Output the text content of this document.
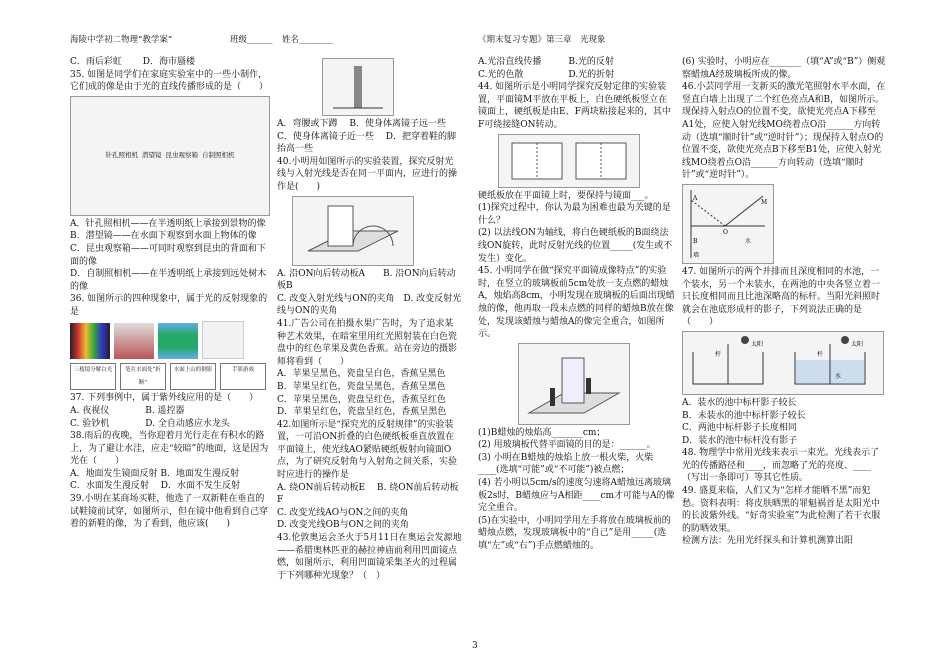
海陵中学初二物理“教学案”	班级______ 姓名________	《期末复习专题》第三章　光现象

C．雨后彩虹　　 D．海市蜃楼

35. 如图是同学们在家庭实验室中的一些小制作，它们成的像是由于光的直线传播形成的是（　　）

针孔照相机 潜望镜 昆虫观察箱 自制照相机

A．针孔照相机——在半透明纸上承接到景物的像

B．潜望镜——在水面下观察到水面上物体的像

C．昆虫观察箱——可同时观察到昆虫的背面和下面的像

D．自制照相机——在半透明纸上承接到远处树木的像

36. 如图所示的四种现象中，属于光的反射现象的是

三棱镜分解白光	笔在水面处“折断”
水面上山的倒影	手影游戏

37. 下列事例中，属于紫外线应用的是（　　）

A. 夜视仪　　　　B. 遥控器

C. 验钞机　　　　D. 全自动感应水龙头

38.雨后的夜晚，当你迎着月光行走在有积水的路上，为了避让水洼，应走“较暗”的地面，这是因为光在（　　）

A．地面发生镜面反射 B．地面发生漫反射

C．水面发生漫反射　 D．水面不发生反射

39.小明在某商场买鞋，他选了一双新鞋在垂直的

试鞋镜前试穿，如图所示，但在镜中他看到自己穿着的新鞋的像，为了看到，他应该(　　)

A．弯腰或下蹲　 B．使身体离镜子远一些

C．使身体离镜子近一些　 D．把穿着鞋的脚抬高一些

40.小明用如图所示的实验装置，探究反射光线与入射光线是否在同一平面内，应进行的操作是(　　)

A. 沿ON向后转动板A　　B. 沿ON向后转动板B

C. 改变入射光线与ON的夹角　D. 改变反射光线与ON的夹角

41.广告公司在拍摄水果广告时，为了追求某种艺术效果，在暗室里用红光照射装在白色瓷盘中的红色苹果及黄色香蕉。站在旁边的摄影师将看到（　　）

A．苹果呈黑色，瓷盘呈白色，香蕉呈黑色

B．苹果呈红色，瓷盘呈黑色，香蕉呈黑色

C．苹果呈黑色，瓷盘呈红色，香蕉呈红色

D．苹果呈红色，瓷盘呈红色，香蕉呈黑色

42.如图所示是“探究光的反射规律”的实验装置，一可沿ON折叠的白色硬纸板垂直放置在平面镜上，使光线AO紧贴硬纸板射向镜面O点，为了研究反射角与入射角之间关系，实验时应进行的操作是

A. 绕ON前后转动板E　 B. 绕ON前后转动板F

C. 改变光线AO与ON之间的夹角

D. 改变光线OB与ON之间的夹角

43.伦敦奥运会圣火于5月11日在奥运会发源地——希腊奥林匹亚的赫拉神庙前利用凹面镜点燃，如图所示，利用凹面镜采集圣火的过程属于下列哪种光现象？（　）

A.光沿直线传播　　　B.光的反射

C.光的色散　　　　　D.光的折射

44. 如图所示是小明同学探究反射定律的实验装置，平面镜M平放在平板上，白色硬纸板竖立在镜面上，硬纸板是由E、F两块粘接起来的，其中F可绕接缝ON转动。

硬纸板放在平面镜上时，要保持与镜面___。

(1)探究过程中，你认为最为困难也最为关键的是什么？

(2) 以法线ON为轴线，将白色硬纸板的B面绕法线ON旋转，此时反射光线的位置_____(发生或不发生）变化。

45. 小明同学在做“探究平面镜成像特点”的实验时，在竖立的玻璃板前5cm处放一支点燃的蜡烛A，烛焰高8cm，小明发现在玻璃板的后面出现蜡烛的像，他再取一段未点燃的同样的蜡烛B放在像处，发现该蜡烛与蜡烛A的像完全重合，如图所示。

(1)B蜡烛的烛焰高_______cm；

(2) 用玻璃板代替平面镜的目的是：______。

(3) 小明在B蜡烛的烛焰上放一根火柴，火柴____(选填“可能”或“不可能”)被点燃；

(4) 若小明以5cm/s的速度匀速将A蜡烛远离玻璃板2s时，B蜡烛应与A相距____cm才可能与A的像完全重合。

(5)在实验中，小明同学用左手将放在玻璃板前的蜡烛点燃，发现玻璃板中的“自己”是用_____(选填“左”或“右”)手点燃蜡烛的。

(6) 实验时，小明应在_______（填“A”或“B”）侧观察蜡烛A经玻璃板所成的像。

46.小芸同学用一支新买的激光笔照射水平水面，在竖直白墙上出现了二个红色亮点A和B，如图所示。现保持入射点O的位置不变，欲使光亮点A下移至A1处，应使入射光线MO绕着点O沿______方向转动（选填“顺时针”或“逆时针”）；现保持入射点O的位置不变，欲使光亮点B下移至B1处，应使入射光线MO绕着点O沿______方向转动（选填“顺时针”或“逆时针”）。

A
B
O
M
水
墙

47. 如图所示的两个并排而且深度相同的水池，一个装水，另一个未装水，在两池的中央各竖立着一只长度相同而且比池深略高的标杆。当阳光斜照时就会在池底形成杆的影子，下列说法正确的是（　　）

太阳
杆
水
太阳
杆

A．装水的池中标杆影子较长

B．未装水的池中标杆影子较长

C．两池中标杆影子长度相同

D．装水的池中标杆没有影子

48. 物理学中常用光线来表示一束光。光线表示了光的传播路径和____，而忽略了光的亮度、____（写出一条即可）等其它性质。

49. 盛夏来临，人们又为“怎样才能晒不黑”而犯愁。资料表明：将皮肤晒黑的罪魁祸首是太阳光中的长波紫外线。“好奇实验室”为此检测了若干衣服的防晒效果。

检测方法：先用光纤探头和计算机测算出阳

3
